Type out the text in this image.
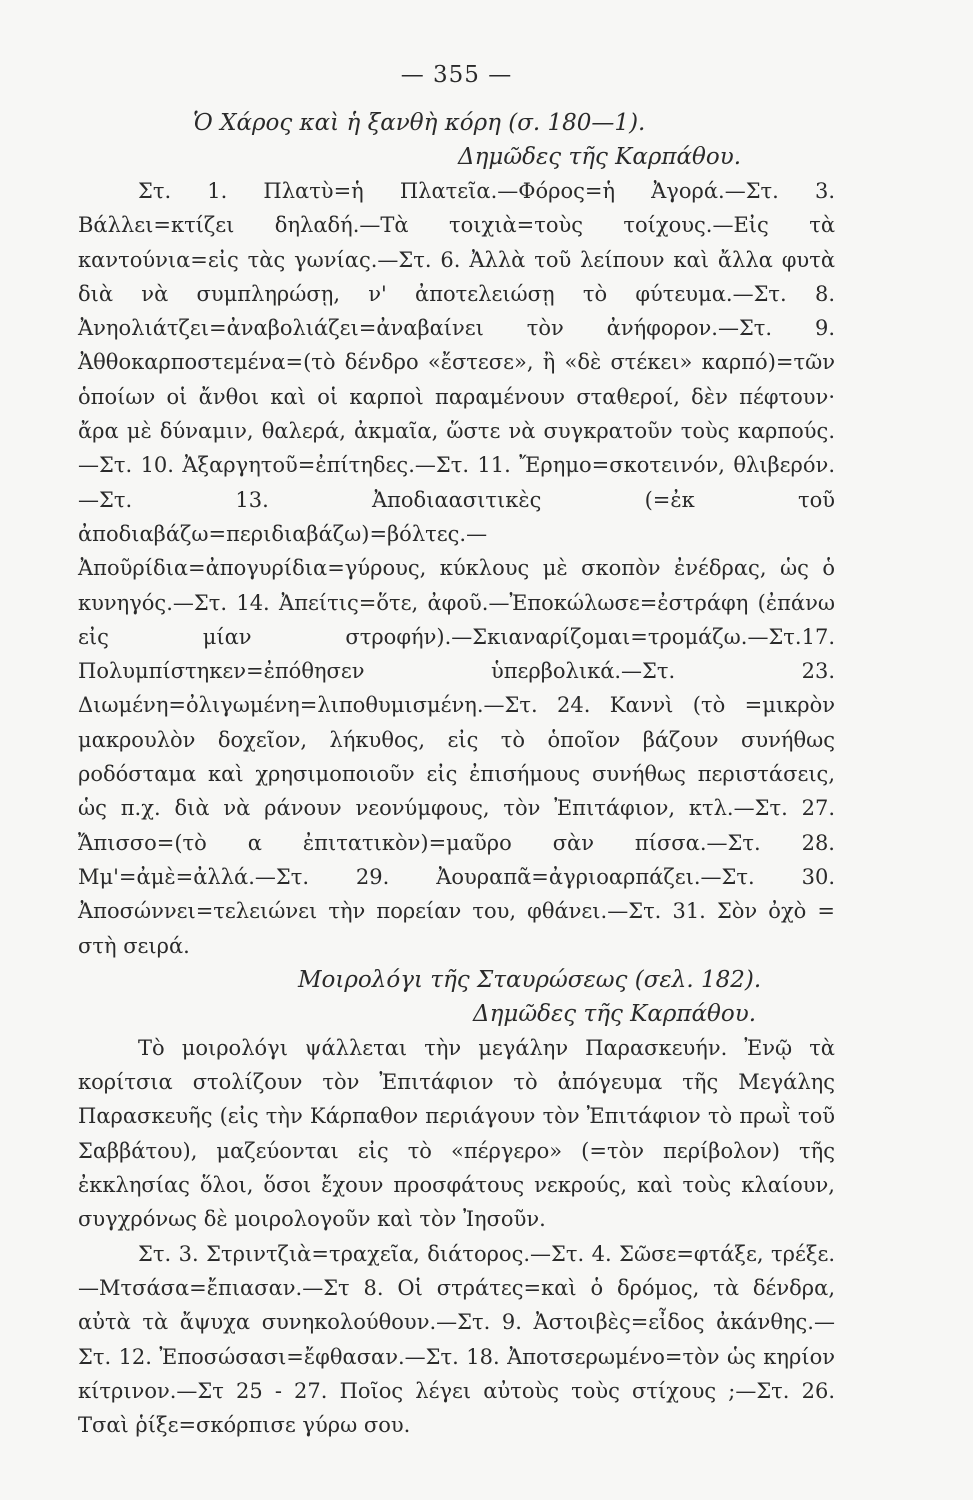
— 355 —

Ὁ Χάρος καὶ ἡ ξανθὴ κόρη (σ. 180—1).

Δημῶδες τῆς Καρπάθου.

Στ. 1. Πλατὺ=ἡ Πλατεῖα.—Φόρος=ἡ Ἀγορά.—Στ. 3. Βάλλει=κτίζει δηλαδή.—Τὰ τοιχιὰ=τοὺς τοίχους.—Εἰς τὰ καντούνια=εἰς τὰς γωνίας.—Στ. 6. Ἀλλὰ τοῦ λείπουν καὶ ἄλλα φυτὰ διὰ νὰ συμπληρώσῃ, ν' ἀποτελειώσῃ τὸ φύτευμα.—Στ. 8. Ἀνηολιάτζει=ἀναβολιάζει=ἀναβαίνει τὸν ἀνήφορον.—Στ. 9. Ἀθθοκαρποστεμένα=(τὸ δένδρο «ἔστεσε», ἢ «δὲ στέκει» καρπό)=τῶν ὁποίων οἱ ἄνθοι καὶ οἱ καρποὶ παραμένουν σταθεροί, δὲν πέφτουν· ἄρα μὲ δύναμιν, θαλερά, ἀκμαῖα, ὥστε νὰ συγκρατοῦν τοὺς καρπούς.—Στ. 10. Ἀξαργητοῦ=ἐπίτηδες.—Στ. 11. Ἔρημο=σκοτεινόν, θλιβερόν.—Στ. 13. Ἀποδιαασιτικὲς (=ἐκ τοῦ ἀποδιαβάζω=περιδιαβάζω)=βόλτες.—Ἀποῦρίδια=ἀπογυρίδια=γύρους, κύκλους μὲ σκοπὸν ἐνέδρας, ὡς ὁ κυνηγός.—Στ. 14. Ἀπείτις=ὅτε, ἀφοῦ.—Ἐποκώλωσε=ἐστράφη (ἐπάνω εἰς μίαν στροφήν).—Σκιαναρίζομαι=τρομάζω.—Στ.17. Πολυμπίστηκεν=ἐπόθησεν ὑπερβολικά.—Στ. 23. Διωμένη=ὀλιγωμένη=λιποθυμισμένη.—Στ. 24. Καννὶ (τὸ =μικρὸν μακρουλὸν δοχεῖον, λήκυθος, εἰς τὸ ὁποῖον βάζουν συνήθως ροδόσταμα καὶ χρησιμοποιοῦν εἰς ἐπισήμους συνήθως περιστάσεις, ὡς π.χ. διὰ νὰ ράνουν νεονύμφους, τὸν Ἐπιτάφιον, κτλ.—Στ. 27. Ἄπισσο=(τὸ α ἐπιτατικὸν)=μαῦρο σὰν πίσσα.—Στ. 28. Μμ'=ἀμὲ=ἀλλά.—Στ. 29. Ἀουραπᾶ=ἀγριοαρπάζει.—Στ. 30. Ἀποσώννει=τελειώνει τὴν πορείαν του, φθάνει.—Στ. 31. Σὸν ὀχὸ = στὴ σειρά.

Μοιρολόγι τῆς Σταυρώσεως (σελ. 182).

Δημῶδες τῆς Καρπάθου.

Τὸ μοιρολόγι ψάλλεται τὴν μεγάλην Παρασκευήν. Ἐνῷ τὰ κορίτσια στολίζουν τὸν Ἐπιτάφιον τὸ ἀπόγευμα τῆς Μεγάλης Παρασκευῆς (εἰς τὴν Κάρπαθον περιάγουν τὸν Ἐπιτάφιον τὸ πρωῒ τοῦ Σαββάτου), μαζεύονται εἰς τὸ «πέργερο» (=τὸν περίβολον) τῆς ἐκκλησίας ὅλοι, ὅσοι ἔχουν προσφάτους νεκρούς, καὶ τοὺς κλαίουν, συγχρόνως δὲ μοιρολογοῦν καὶ τὸν Ἰησοῦν.

Στ. 3. Στριντζιὰ=τραχεῖα, διάτορος.—Στ. 4. Σῶσε=φτάξε, τρέξε.—Μτσάσα=ἔπιασαν.—Στ 8. Οἱ στράτες=καὶ ὁ δρόμος, τὰ δένδρα, αὐτὰ τὰ ἄψυχα συνηκολούθουν.—Στ. 9. Ἀστοιβὲς=εἶδος ἀκάνθης.—Στ. 12. Ἐποσώσασι=ἔφθασαν.—Στ. 18. Ἀποτσερωμένο=τὸν ὡς κηρίον κίτρινον.—Στ 25 - 27. Ποῖος λέγει αὐτοὺς τοὺς στίχους ;—Στ. 26. Τσαὶ ῥίξε=σκόρπισε γύρω σου.
